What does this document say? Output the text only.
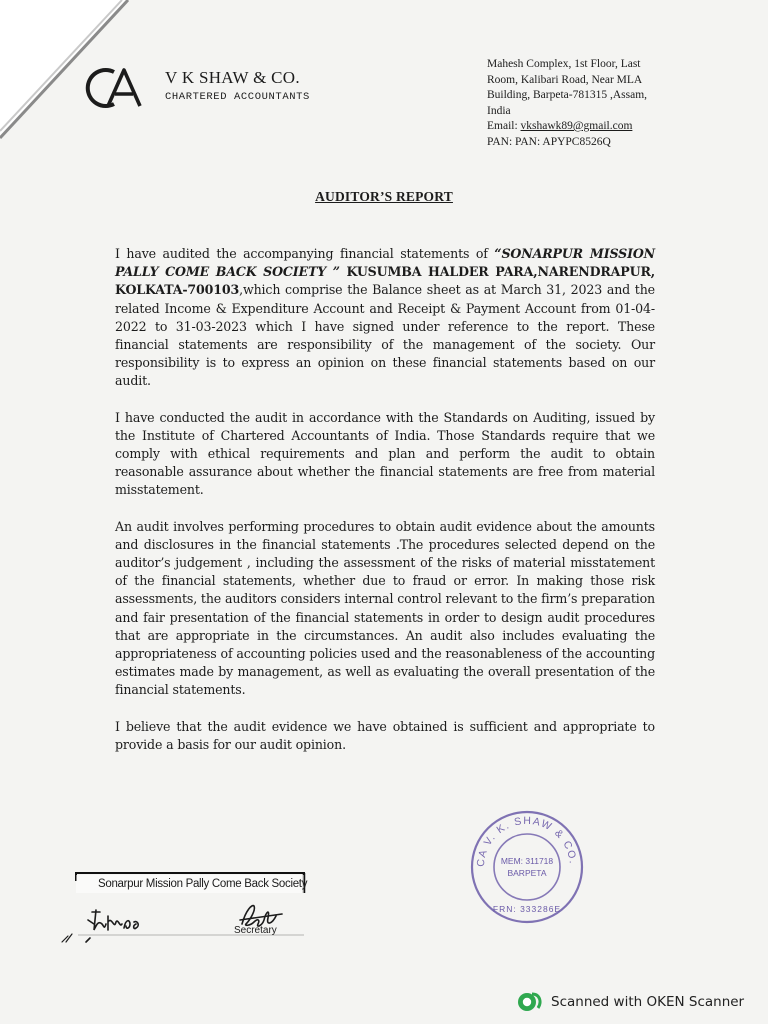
CA
V K SHAW & CO.
CHARTERED ACCOUNTANTS
Mahesh Complex, 1st Floor, Last
Room, Kalibari Road, Near MLA
Building, Barpeta-781315 ,Assam,
India
Email: vkshawk89@gmail.com
PAN: PAN: APYPC8526Q
AUDITOR’S REPORT

I have audited the accompanying financial statements of “SONARPUR MISSION PALLY COME BACK SOCIETY ” KUSUMBA HALDER PARA,NARENDRAPUR, KOLKATA-700103,which comprise the Balance sheet as at March 31, 2023 and the related Income & Expenditure Account and Receipt & Payment Account from 01-04-2022 to 31-03-2023 which I have signed under reference to the report. These financial statements are responsibility of the management of the society. Our responsibility is to express an opinion on these financial statements based on our audit.

I have conducted the audit in accordance with the Standards on Auditing, issued by the Institute of Chartered Accountants of India. Those Standards require that we comply with ethical requirements and plan and perform the audit to obtain reasonable assurance about whether the financial statements are free from material misstatement.

An audit involves performing procedures to obtain audit evidence about the amounts and disclosures in the financial statements .The procedures selected depend on the auditor’s judgement , including the assessment of the risks of material misstatement of the financial statements, whether due to fraud or error. In making those risk assessments, the auditors considers internal control relevant to the firm’s preparation and fair presentation of the financial statements in order to design audit procedures that are appropriate in the circumstances. An audit also includes evaluating the appropriateness of accounting policies used and the reasonableness of the accounting estimates made by management, as well as evaluating the overall presentation of the financial statements.

I believe that the audit evidence we have obtained is sufficient and appropriate to provide a basis for our audit opinion.

CA V. K. SHAW & CO.
MEM: 311718
BARPETA
FRN: 333286E
Sonarpur Mission Pally Come Back Society
Secretary
Scanned with OKEN Scanner
